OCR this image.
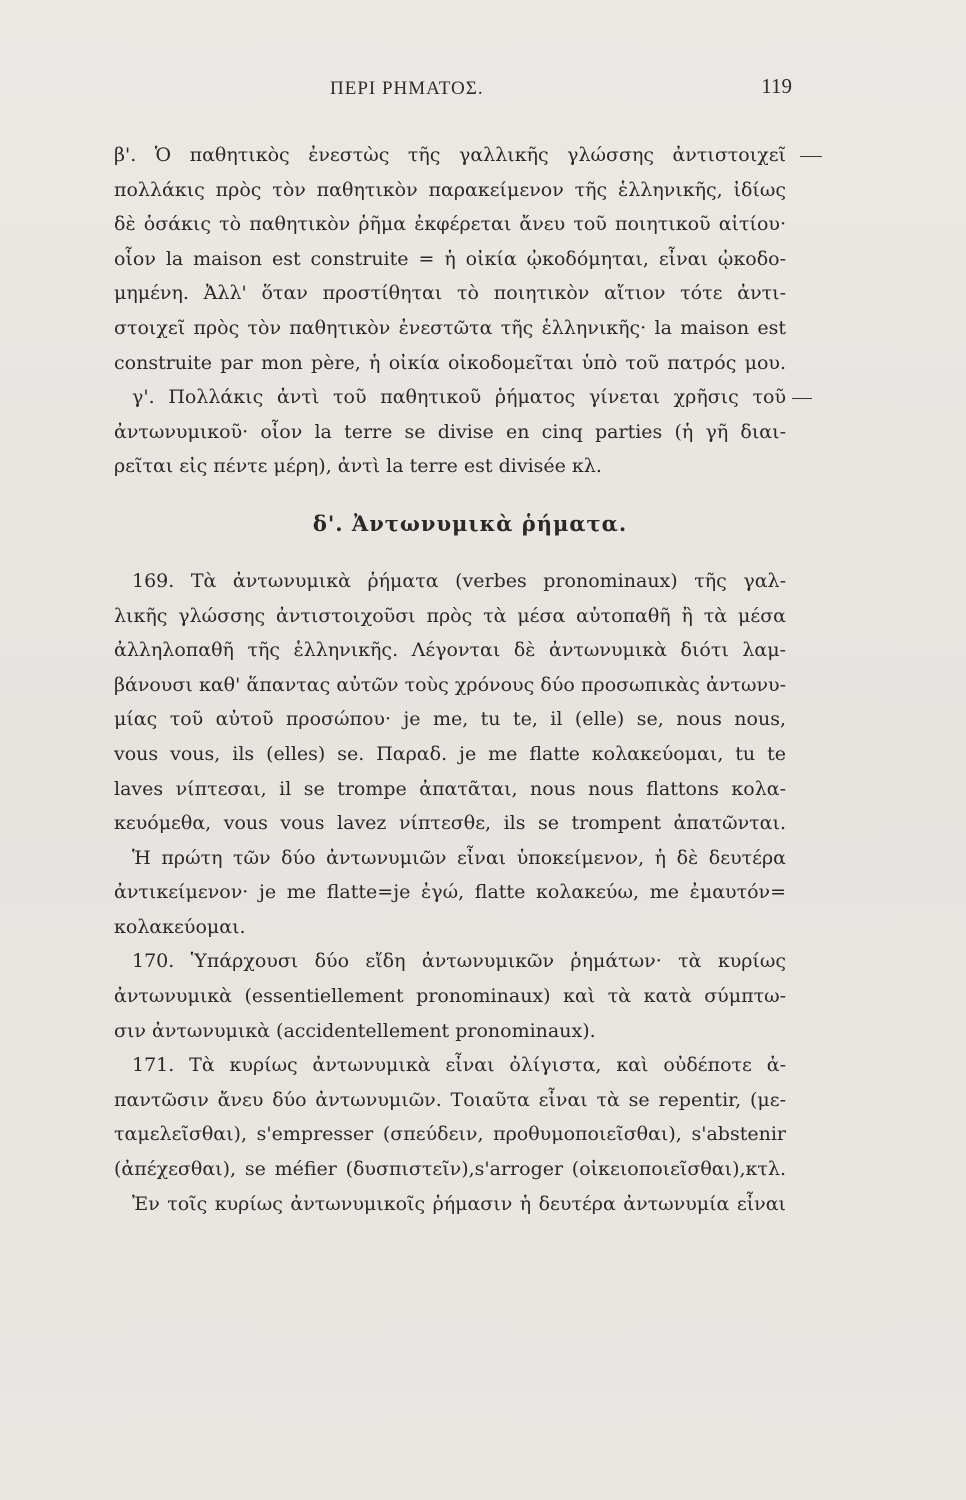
ΠΕΡΙ ΡΗΜΑΤΟΣ.	119
β'. Ὁ παθητικὸς ἐνεστὼς τῆς γαλλικῆς γλώσσης ἀντιστοιχεῖ
πολλάκις πρὸς τὸν παθητικὸν παρακείμενον τῆς ἑλληνικῆς, ἰδίως
δὲ ὁσάκις τὸ παθητικὸν ῥῆμα ἐκφέρεται ἄνευ τοῦ ποιητικοῦ αἰτίου·
οἷον la maison est construite = ἡ οἰκία ᾠκοδόμηται, εἶναι ᾠκοδο-
μημένη. Ἀλλ' ὅταν προστίθηται τὸ ποιητικὸν αἴτιον τότε ἀντι-
στοιχεῖ πρὸς τὸν παθητικὸν ἐνεστῶτα τῆς ἑλληνικῆς· la maison est
construite par mon père, ἡ οἰκία οἰκοδομεῖται ὑπὸ τοῦ πατρός μου.
γ'. Πολλάκις ἀντὶ τοῦ παθητικοῦ ῥήματος γίνεται χρῆσις τοῦ
ἀντωνυμικοῦ· οἷον la terre se divise en cinq parties (ἡ γῆ διαι-
ρεῖται εἰς πέντε μέρη), ἀντὶ la terre est divisée κλ.
δ'. Ἀντωνυμικὰ ῥήματα.
169. Τὰ ἀντωνυμικὰ ῥήματα (verbes pronominaux) τῆς γαλ-
λικῆς γλώσσης ἀντιστοιχοῦσι πρὸς τὰ μέσα αὐτοπαθῆ ἢ τὰ μέσα
ἀλληλοπαθῆ τῆς ἑλληνικῆς. Λέγονται δὲ ἀντωνυμικὰ διότι λαμ-
βάνουσι καθ' ἅπαντας αὐτῶν τοὺς χρόνους δύο προσωπικὰς ἀντωνυ-
μίας τοῦ αὐτοῦ προσώπου· je me, tu te, il (elle) se, nous nous,
vous vous, ils (elles) se. Παραδ. je me flatte κολακεύομαι, tu te
laves νίπτεσαι, il se trompe ἀπατᾶται, nous nous flattons κολα-
κευόμεθα, vous vous lavez νίπτεσθε, ils se trompent ἀπατῶνται.
Ἡ πρώτη τῶν δύο ἀντωνυμιῶν εἶναι ὑποκείμενον, ἡ δὲ δευτέρα
ἀντικείμενον· je me flatte=je ἐγώ, flatte κολακεύω, me ἐμαυτόν=
κολακεύομαι.
170. Ὑπάρχουσι δύο εἴδη ἀντωνυμικῶν ῥημάτων· τὰ κυρίως
ἀντωνυμικὰ (essentiellement pronominaux) καὶ τὰ κατὰ σύμπτω-
σιν ἀντωνυμικὰ (accidentellement pronominaux).
171. Τὰ κυρίως ἀντωνυμικὰ εἶναι ὀλίγιστα, καὶ οὐδέποτε ἀ-
παντῶσιν ἄνευ δύο ἀντωνυμιῶν. Τοιαῦτα εἶναι τὰ se repentir, (με-
ταμελεῖσθαι), s'empresser (σπεύδειν, προθυμοποιεῖσθαι), s'abstenir
(ἀπέχεσθαι), se méfier (δυσπιστεῖν),s'arroger (οἰκειοποιεῖσθαι),κτλ.
Ἐν τοῖς κυρίως ἀντωνυμικοῖς ῥήμασιν ἡ δευτέρα ἀντωνυμία εἶναι
